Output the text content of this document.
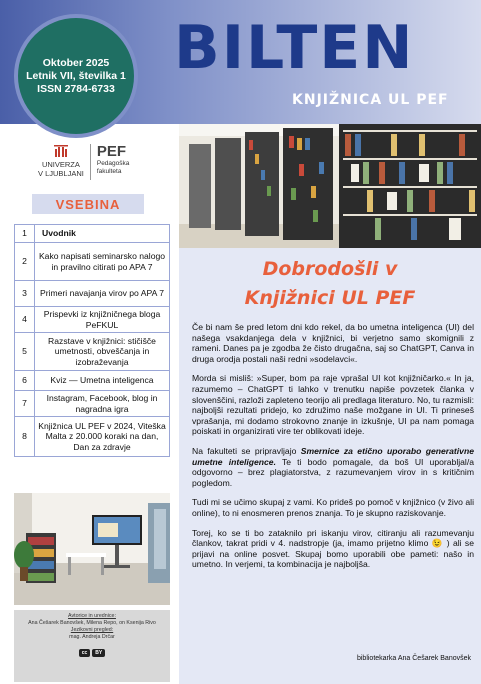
BILTEN
KNJIŽNICA UL PEF
Oktober 2025
Letnik VII, številka 1
ISSN 2784-6733
UNIVERZA
V LJUBLJANI
PEF
Pedagoška
fakulteta
VSEBINA
1	Uvodnik
2	Kako napisati seminarsko nalogo in pravilno citirati po APA 7
3	Primeri navajanja virov po APA 7
4	Prispevki iz knjižničnega bloga PeFKUL
5	Razstave v knjižnici: stičišče umetnosti, obveščanja in izobraževanja
6	Kviz — Umetna inteligenca
7	Instagram, Facebook, blog in nagradna igra
8	Knjižnica UL PEF v 2024, Viteška Malta z 20.000 koraki na dan, Dan za zdravje

Avtorice in urednice:

Ana Češarek Banovšek, Milena Repo, on Ksenija Rivo

Jezikovni pregled:

mag. Andreja Drčar

cc	BY
Dobrodošli v
Knjižnici UL PEF

Če bi nam še pred letom dni kdo rekel, da bo umetna inteligenca (UI) del našega vsakdanjega dela v knjižnici, bi verjetno samo skomignili z rameni. Danes pa je zgodba že čisto drugačna, saj so ChatGPT, Canva in druga orodja postali naši redni »sodelavci«.

Morda si misliš: »Super, bom pa raje vprašal UI kot knjižničarko.« In ja, razumemo – ChatGPT ti lahko v trenutku napiše povzetek članka v slovenščini, razloži zapleteno teorijo ali predlaga literaturo. No, tu razmisli: najboljši rezultati pridejo, ko združimo naše možgane in UI. Ti prineseš vprašanja, mi dodamo strokovno znanje in izkušnje, UI pa nam pomaga poiskati in organizirati vire ter oblikovati ideje.

Na fakulteti se pripravljajo Smernice za etično uporabo generativne umetne inteligence. Te ti bodo pomagale, da boš UI uporabljal/a odgovorno – brez plagiatorstva, z razumevanjem virov in s kritičnim pogledom.

Tudi mi se učimo skupaj z vami. Ko prideš po pomoč v knjižnico (v živo ali online), to ni enosmeren prenos znanja. To je skupno raziskovanje.

Torej, ko se ti bo zataknilo pri iskanju virov, citiranju ali razumevanju člankov, takrat pridi v 4. nadstropje (ja, imamo prijetno klimo 😉 ) ali se prijavi na online posvet. Skupaj bomo uporabili obe pameti: našo in umetno. In verjemi, ta kombinacija je najboljša.

bibliotekarka Ana Češarek Banovšek
